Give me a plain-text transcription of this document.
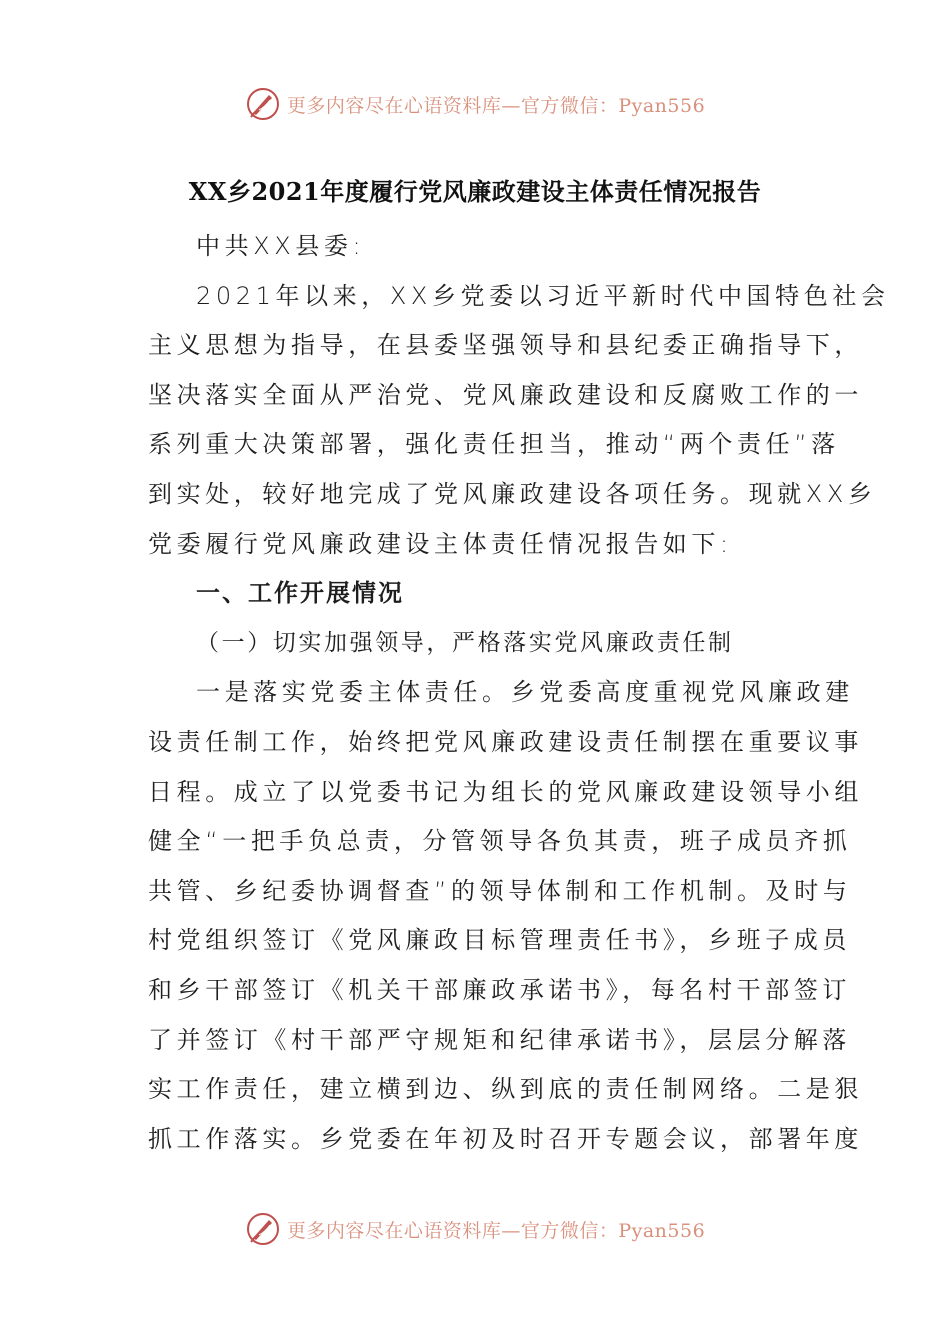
更多内容尽在心语资料库—官方微信：Pyan556
XX乡2021年度履行党风廉政建设主体责任情况报告
中共XX县委:
2021年以来，XX乡党委以习近平新时代中国特色社会
主义思想为指导，在县委坚强领导和县纪委正确指导下，
坚决落实全面从严治党、党风廉政建设和反腐败工作的一
系列重大决策部署，强化责任担当，推动“两个责任”落
到实处，较好地完成了党风廉政建设各项任务。现就XX乡
党委履行党风廉政建设主体责任情况报告如下:
一、工作开展情况
（一）切实加强领导，严格落实党风廉政责任制
一是落实党委主体责任。乡党委高度重视党风廉政建
设责任制工作，始终把党风廉政建设责任制摆在重要议事
日程。成立了以党委书记为组长的党风廉政建设领导小组
健全“一把手负总责，分管领导各负其责，班子成员齐抓
共管、乡纪委协调督查”的领导体制和工作机制。及时与
村党组织签订《党风廉政目标管理责任书》，乡班子成员
和乡干部签订《机关干部廉政承诺书》，每名村干部签订
了并签订《村干部严守规矩和纪律承诺书》，层层分解落
实工作责任，建立横到边、纵到底的责任制网络。二是狠
抓工作落实。乡党委在年初及时召开专题会议，部署年度
更多内容尽在心语资料库—官方微信：Pyan556
